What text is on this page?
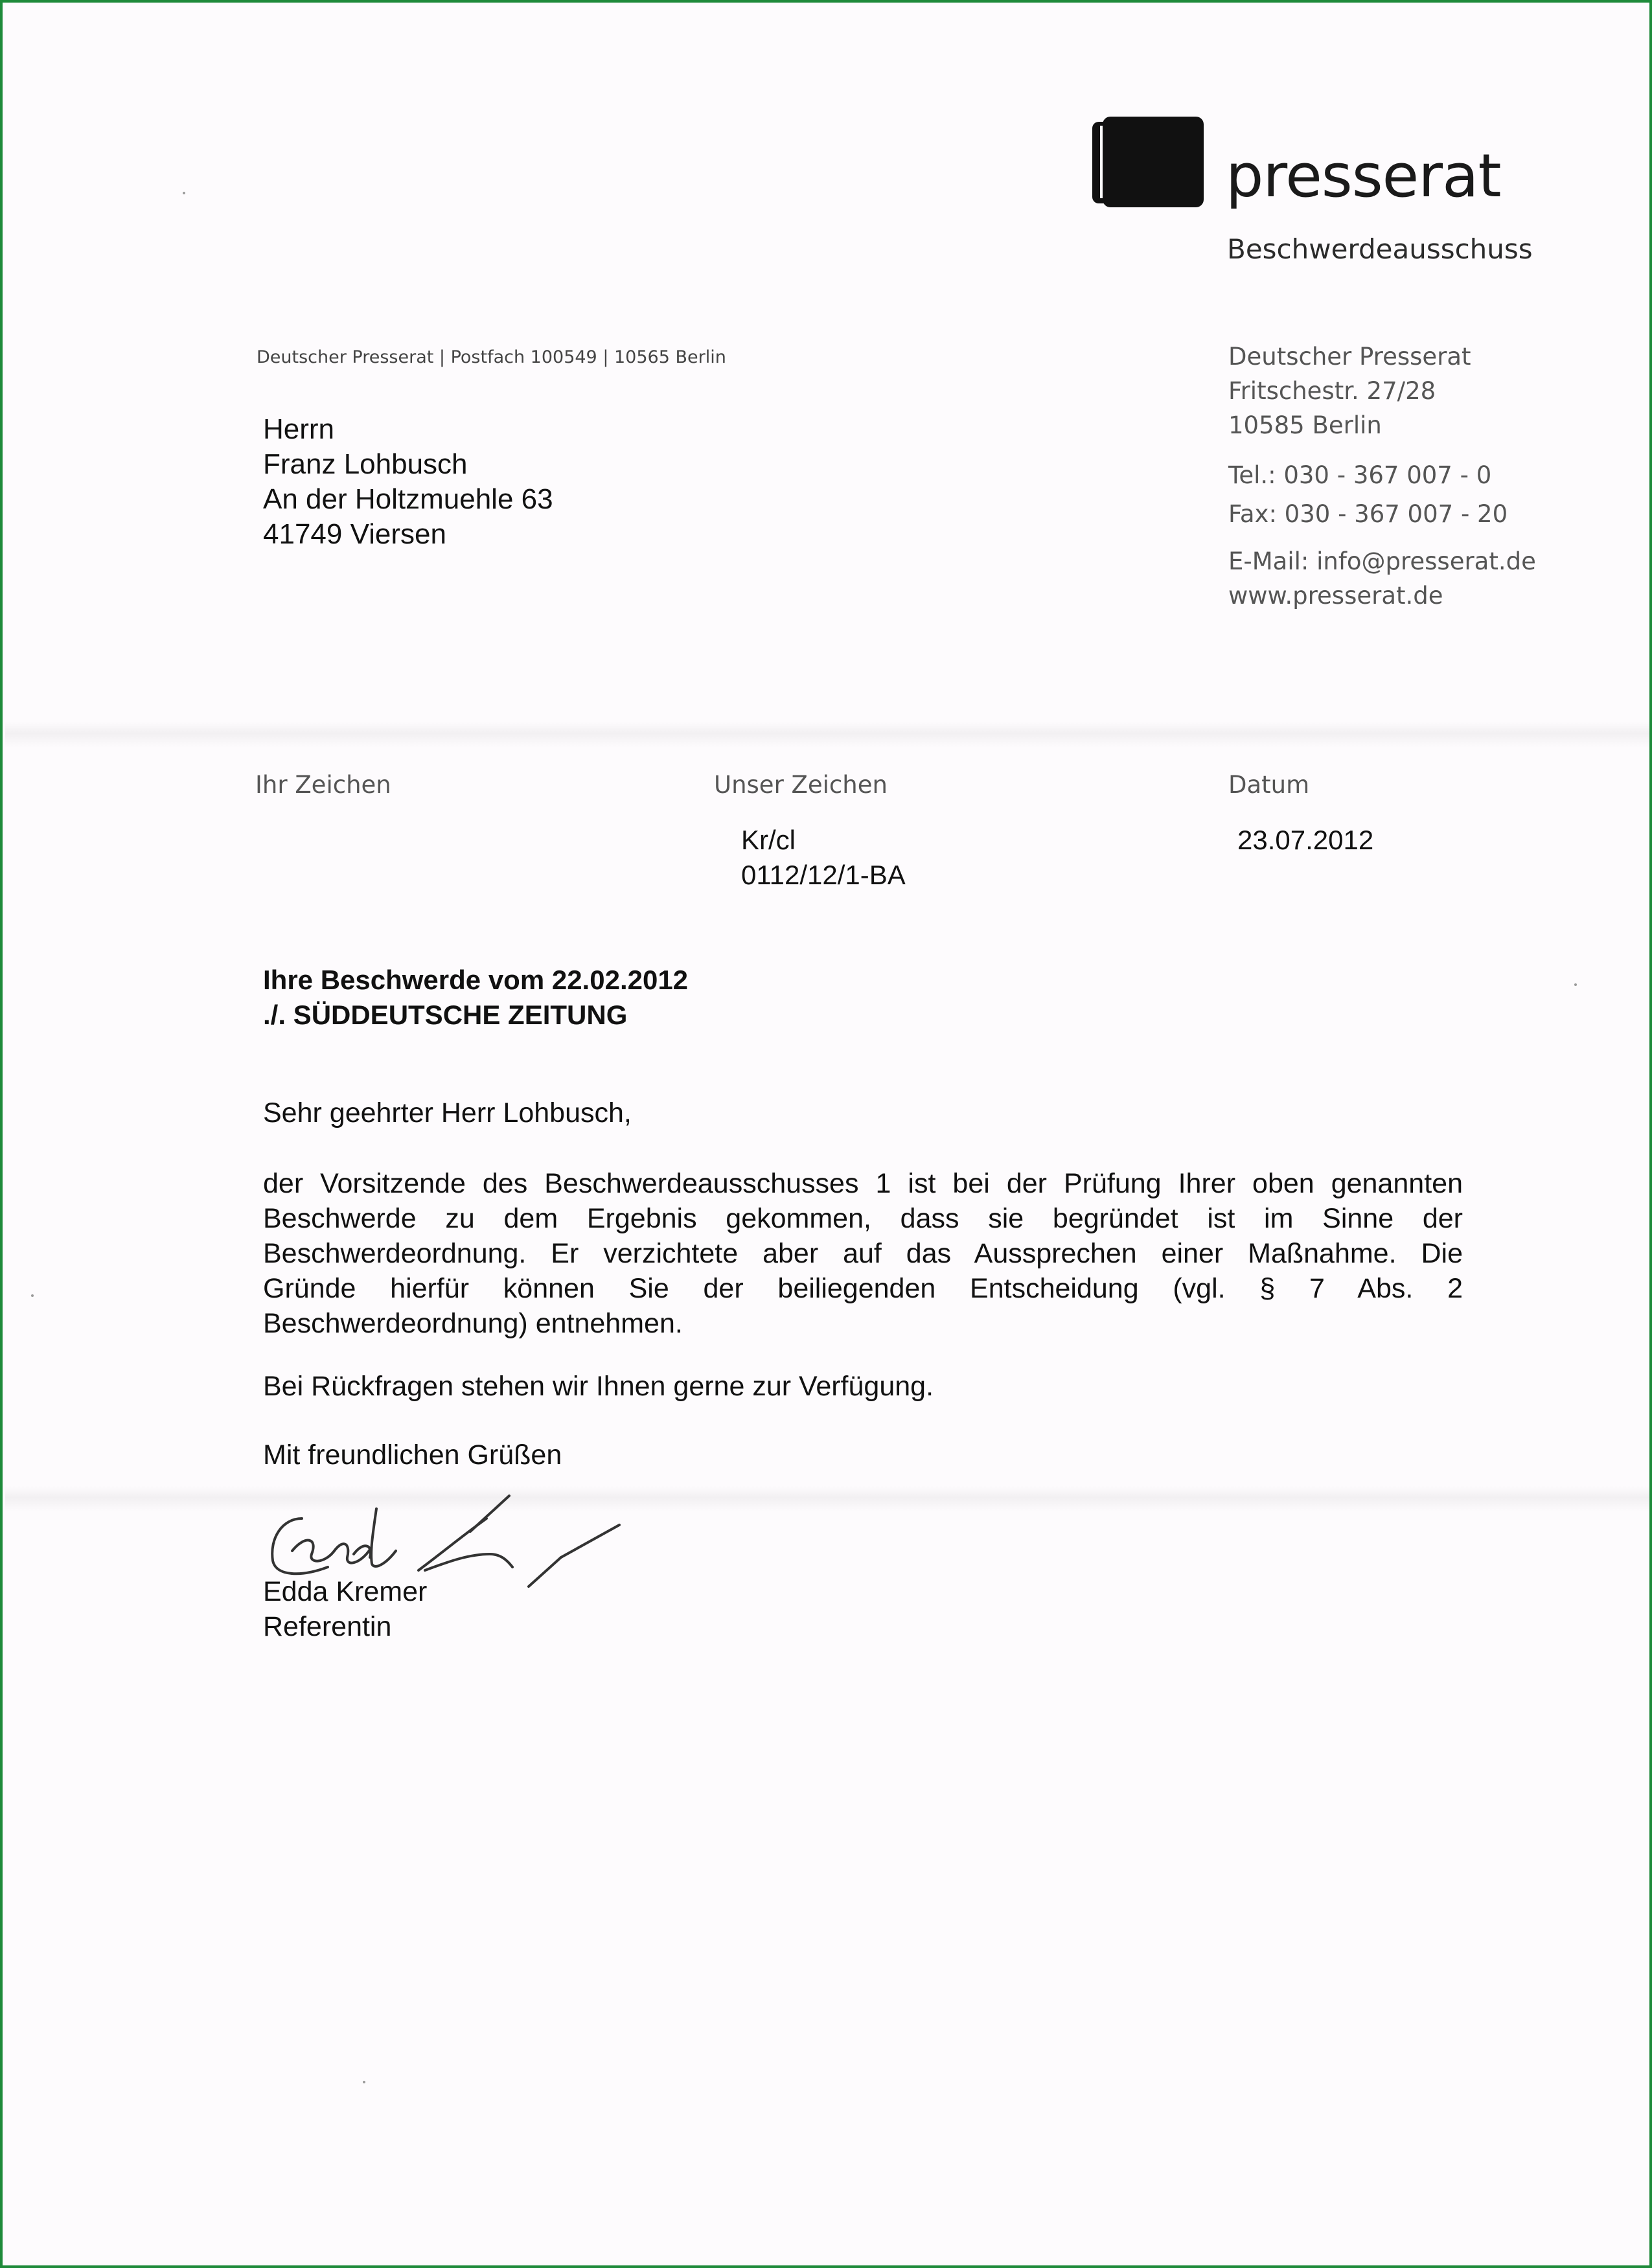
presserat
Beschwerdeausschuss
Deutscher Presserat | Postfach 100549 | 10565 Berlin
Herrn
Franz Lohbusch
An der Holtzmuehle 63
41749 Viersen
Deutscher Presserat
Fritschestr. 27/28
10585 Berlin
Tel.: 030 - 367 007 - 0
Fax: 030 - 367 007 - 20
E-Mail: info@presserat.de
www.presserat.de
Ihr Zeichen	Unser Zeichen	Datum
Kr/cl
0112/12/1-BA
23.07.2012
Ihre Beschwerde vom 22.02.2012
./. SÜDDEUTSCHE ZEITUNG
Sehr geehrter Herr Lohbusch,
der Vorsitzende des Beschwerdeausschusses 1 ist bei der Prüfung Ihrer oben genannten
Beschwerde zu dem Ergebnis gekommen, dass sie begründet ist im Sinne der
Beschwerdeordnung. Er verzichtete aber auf das Aussprechen einer Maßnahme. Die
Gründe hierfür können Sie der beiliegenden Entscheidung (vgl. § 7 Abs. 2
Beschwerdeordnung) entnehmen.
Bei Rückfragen stehen wir Ihnen gerne zur Verfügung.
Mit freundlichen Grüßen
Edda Kremer
Referentin
